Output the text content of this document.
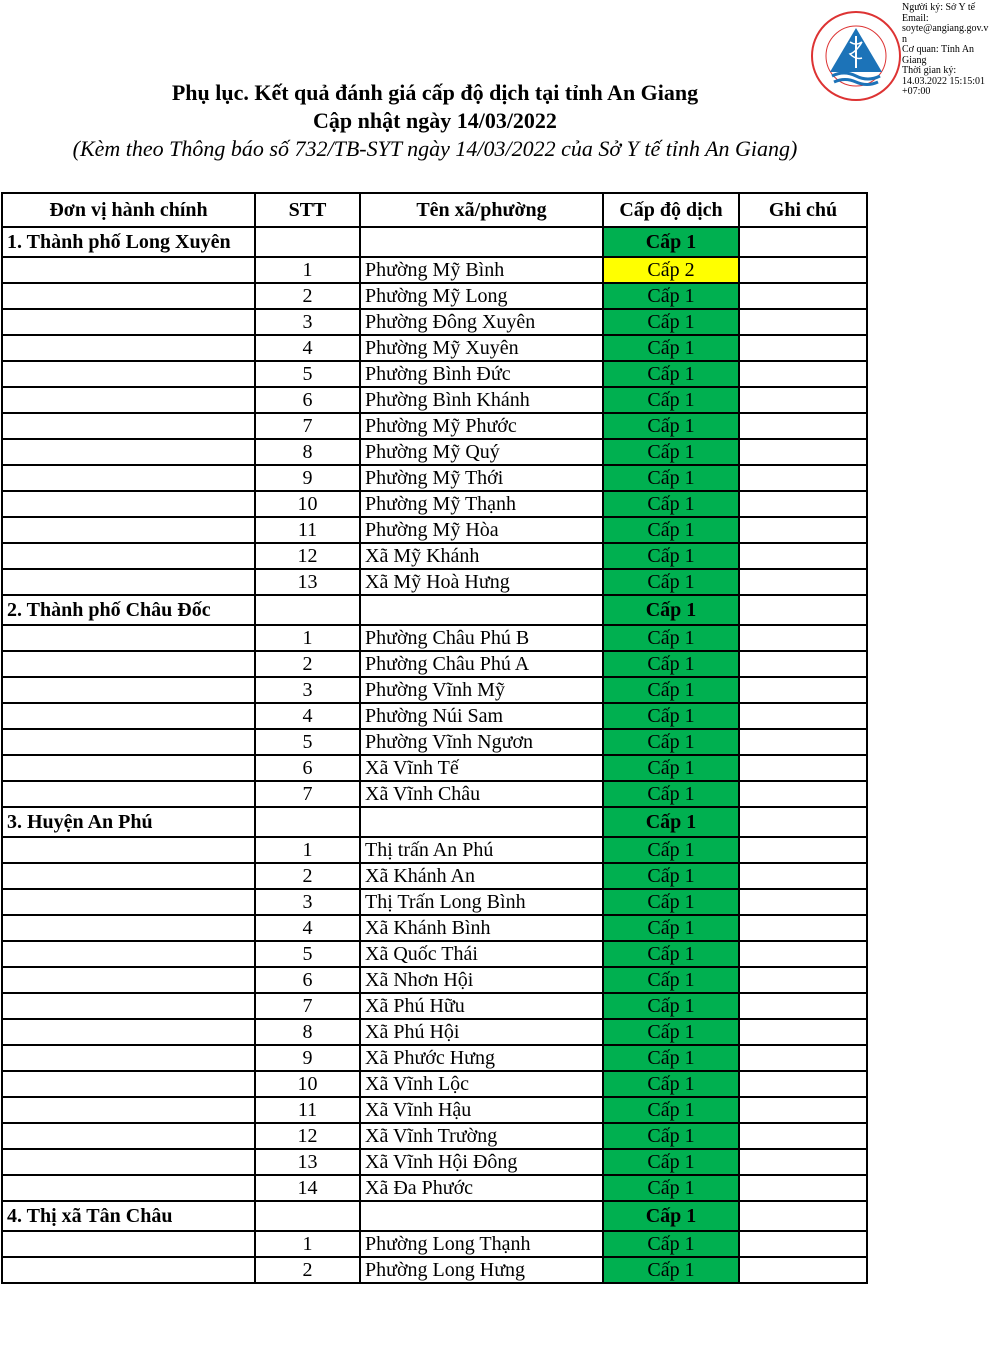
Người ký: Sở Y tế
Email:
soyte@angiang.gov.v
n
Cơ quan: Tỉnh An
Giang
Thời gian ký:
14.03.2022 15:15:01
+07:00
Phụ lục. Kết quả đánh giá cấp độ dịch tại tỉnh An Giang
Cập nhật ngày 14/03/2022
(Kèm theo Thông báo số 732/TB-SYT ngày 14/03/2022 của Sở Y tế tỉnh An Giang)
Đơn vị hành chính	STT	Tên xã/phường	Cấp độ dịch	Ghi chú
1. Thành phố Long Xuyên			Cấp 1	
	1	Phường Mỹ Bình	Cấp 2	
	2	Phường Mỹ Long	Cấp 1	
	3	Phường Đông Xuyên	Cấp 1	
	4	Phường Mỹ Xuyên	Cấp 1	
	5	Phường Bình Đức	Cấp 1	
	6	Phường Bình Khánh	Cấp 1	
	7	Phường Mỹ Phước	Cấp 1	
	8	Phường Mỹ Quý	Cấp 1	
	9	Phường Mỹ Thới	Cấp 1	
	10	Phường Mỹ Thạnh	Cấp 1	
	11	Phường Mỹ Hòa	Cấp 1	
	12	Xã Mỹ Khánh	Cấp 1	
	13	Xã Mỹ Hoà Hưng	Cấp 1	
2. Thành phố Châu Đốc			Cấp 1	
	1	Phường Châu Phú B	Cấp 1	
	2	Phường Châu Phú A	Cấp 1	
	3	Phường Vĩnh Mỹ	Cấp 1	
	4	Phường Núi Sam	Cấp 1	
	5	Phường Vĩnh Ngươn	Cấp 1	
	6	Xã Vĩnh Tế	Cấp 1	
	7	Xã Vĩnh Châu	Cấp 1	
3. Huyện An Phú			Cấp 1	
	1	Thị trấn An Phú	Cấp 1	
	2	Xã Khánh An	Cấp 1	
	3	Thị Trấn Long Bình	Cấp 1	
	4	Xã Khánh Bình	Cấp 1	
	5	Xã Quốc Thái	Cấp 1	
	6	Xã Nhơn Hội	Cấp 1	
	7	Xã Phú Hữu	Cấp 1	
	8	Xã Phú Hội	Cấp 1	
	9	Xã Phước Hưng	Cấp 1	
	10	Xã Vĩnh Lộc	Cấp 1	
	11	Xã Vĩnh Hậu	Cấp 1	
	12	Xã Vĩnh Trường	Cấp 1	
	13	Xã Vĩnh Hội Đông	Cấp 1	
	14	Xã Đa Phước	Cấp 1	
4. Thị xã Tân Châu			Cấp 1	
	1	Phường Long Thạnh	Cấp 1	
	2	Phường Long Hưng	Cấp 1	
